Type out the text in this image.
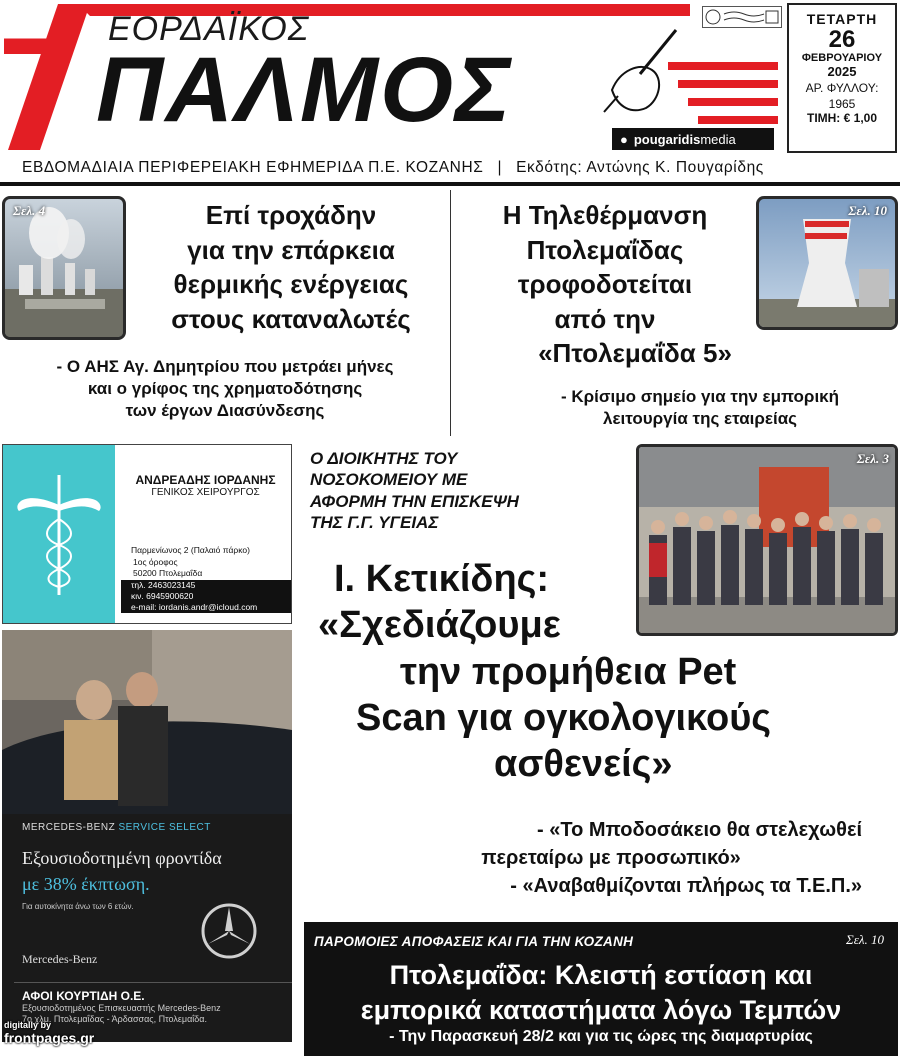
ΕΟΡΔΑΪΚΟΣ
ΠΑΛΜΟΣ	● pougaridismedia
ΤΕΤΑΡΤΗ
26
ΦΕΒΡΟΥΑΡΙΟΥ
2025
ΑΡ. ΦΥΛΛΟΥ:
1965
ΤΙΜΗ: € 1,00
ΕΒΔΟΜΑΔΙΑΙΑ ΠΕΡΙΦΕΡΕΙΑΚΗ ΕΦΗΜΕΡΙΔΑ Π.Ε. ΚΟΖΑΝΗΣ | Εκδότης: Αντώνης Κ. Πουγαρίδης
Σελ. 4	Επί τροχάδην
για την επάρκεια
θερμικής ενέργειας
στους καταναλωτές
- Ο ΑΗΣ Αγ. Δημητρίου που μετράει μήνες
και ο γρίφος της χρηματοδότησης
των έργων Διασύνδεσης
Η Τηλεθέρμανση
Πτολεμαΐδας
τροφοδοτείται
από την
«Πτολεμαΐδα 5»
Σελ. 10
- Κρίσιμο σημείο για την εμπορική
λειτουργία της εταιρείας
ΑΝΔΡΕΑΔΗΣ ΙΟΡΔΑΝΗΣ
ΓΕΝΙΚΟΣ ΧΕΙΡΟΥΡΓΟΣ
Παρμενίωνος 2 (Παλαιό πάρκο)
1ος όροφος
50200 Πτολεμαΐδα
τηλ. 2463023145
κιν. 6945900620
e-mail: iordanis.andr@icloud.com
MERCEDES-BENZ SERVICE SELECT
Εξουσιοδοτημένη φροντίδα
με 38% έκπτωση.
Για αυτοκίνητα άνω των 6 ετών.
Mercedes-Benz
ΑΦΟΙ ΚΟΥΡΤΙΔΗ Ο.Ε.
Εξουσιοδοτημένος Επισκευαστής Mercedes-Benz
7ο χλμ. Πτολεμαΐδας - Άρδασσας, Πτολεμαΐδα.
Ο ΔΙΟΙΚΗΤΗΣ ΤΟΥ
ΝΟΣΟΚΟΜΕΙΟΥ ΜΕ
ΑΦΟΡΜΗ ΤΗΝ ΕΠΙΣΚΕΨΗ
ΤΗΣ Γ.Γ. ΥΓΕΙΑΣ
Σελ. 3
Ι. Κετικίδης:
«Σχεδιάζουμε
την προμήθεια Pet
Scan για ογκολογικούς
ασθενείς»
- «Το Μποδοσάκειο θα στελεχωθεί
περεταίρω με προσωπικό»
- «Αναβαθμίζονται πλήρως τα Τ.Ε.Π.»
ΠΑΡΟΜΟΙΕΣ ΑΠΟΦΑΣΕΙΣ ΚΑΙ ΓΙΑ ΤΗΝ ΚΟΖΑΝΗ	Σελ. 10
Πτολεμαΐδα: Κλειστή εστίαση και
εμπορικά καταστήματα λόγω Τεμπών
- Την Παρασκευή 28/2 και για τις ώρες της διαμαρτυρίας
digitally by
frontpages.gr
